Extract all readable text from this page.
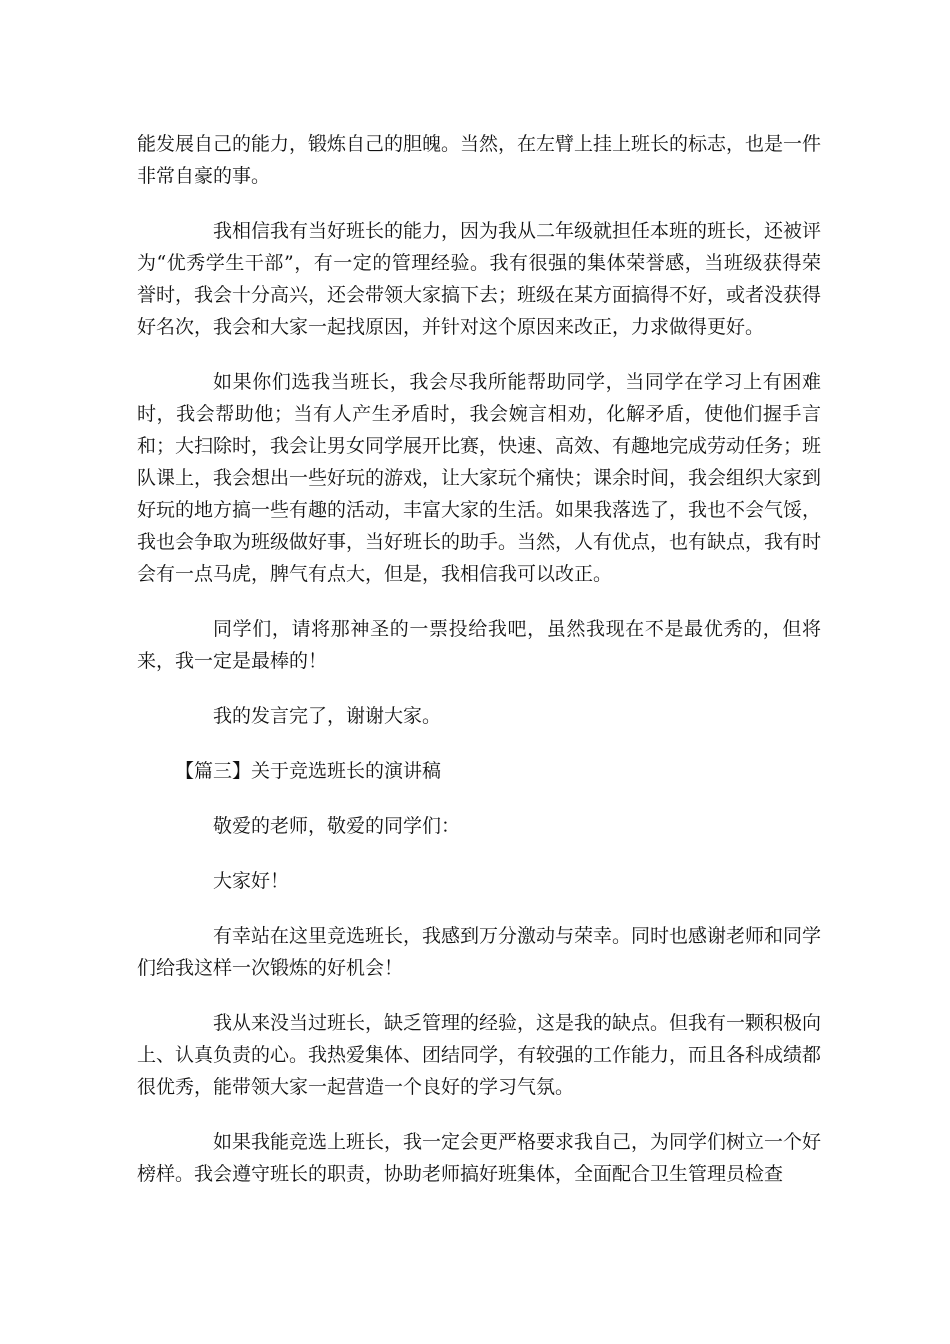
能发展自己的能力，锻炼自己的胆魄。当然，在左臂上挂上班长的标志，也是一件非常自豪的事。

我相信我有当好班长的能力，因为我从二年级就担任本班的班长，还被评为“优秀学生干部”，有一定的管理经验。我有很强的集体荣誉感，当班级获得荣誉时，我会十分高兴，还会带领大家搞下去；班级在某方面搞得不好，或者没获得好名次，我会和大家一起找原因，并针对这个原因来改正，力求做得更好。

如果你们选我当班长，我会尽我所能帮助同学，当同学在学习上有困难时，我会帮助他；当有人产生矛盾时，我会婉言相劝，化解矛盾，使他们握手言和；大扫除时，我会让男女同学展开比赛，快速、高效、有趣地完成劳动任务；班队课上，我会想出一些好玩的游戏，让大家玩个痛快；课余时间，我会组织大家到好玩的地方搞一些有趣的活动，丰富大家的生活。如果我落选了，我也不会气馁，我也会争取为班级做好事，当好班长的助手。当然，人有优点，也有缺点，我有时会有一点马虎，脾气有点大，但是，我相信我可以改正。

同学们，请将那神圣的一票投给我吧，虽然我现在不是最优秀的，但将来，我一定是最棒的！

我的发言完了，谢谢大家。

【篇三】关于竞选班长的演讲稿

敬爱的老师，敬爱的同学们：

大家好！

有幸站在这里竞选班长，我感到万分激动与荣幸。同时也感谢老师和同学们给我这样一次锻炼的好机会！

我从来没当过班长，缺乏管理的经验，这是我的缺点。但我有一颗积极向上、认真负责的心。我热爱集体、团结同学，有较强的工作能力，而且各科成绩都很优秀，能带领大家一起营造一个良好的学习气氛。

如果我能竞选上班长，我一定会更严格要求我自己，为同学们树立一个好榜样。我会遵守班长的职责，协助老师搞好班集体，全面配合卫生管理员检查
